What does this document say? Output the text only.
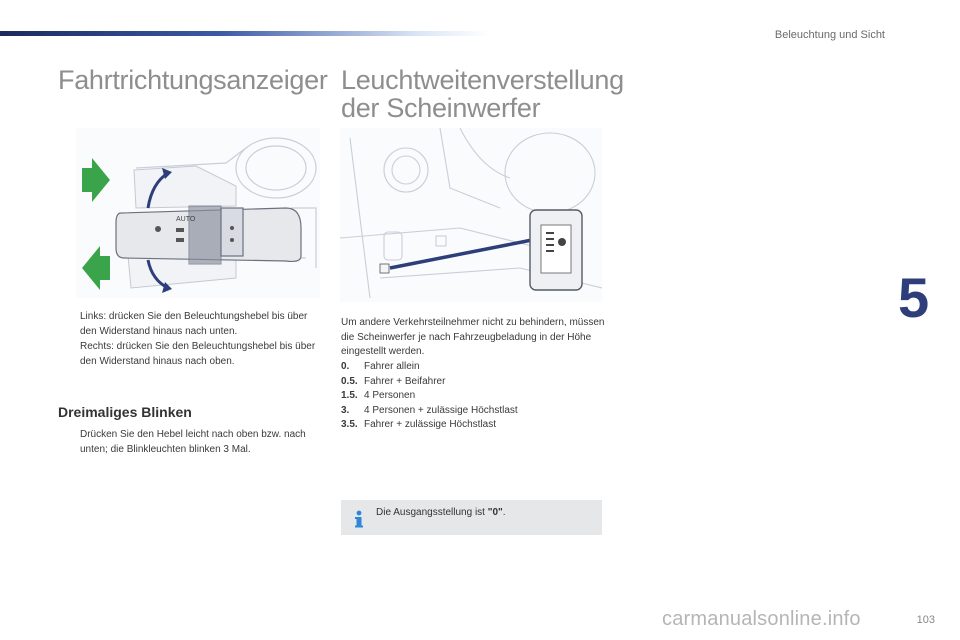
Beleuchtung und Sicht
5
Fahrtrichtungsanzeiger Leuchtweitenverstellung
der Scheinwerfer
AUTO
Links: drücken Sie den Beleuchtungshebel bis über den Widerstand hinaus nach unten.
Rechts: drücken Sie den Beleuchtungshebel bis über den Widerstand hinaus nach oben.
Dreimaliges Blinken
Drücken Sie den Hebel leicht nach oben bzw. nach unten; die Blinkleuchten blinken 3 Mal.

Um andere Verkehrsteilnehmer nicht zu behindern, müssen die Scheinwerfer je nach Fahrzeugbeladung in der Höhe eingestellt werden.

0. Fahrer allein
0.5. Fahrer + Beifahrer
1.5. 4 Personen
3. 4 Personen + zulässige Höchstlast
3.5. Fahrer + zulässige Höchstlast
Die Ausgangsstellung ist "0".
103
carmanualsonline.info
